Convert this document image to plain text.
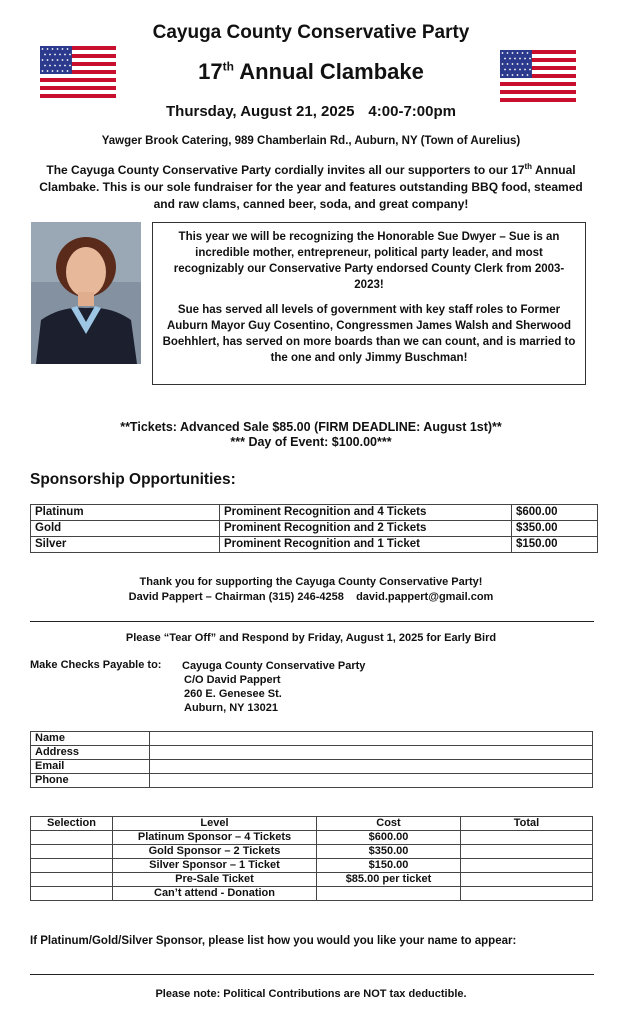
Cayuga County Conservative Party
17th Annual Clambake
Thursday, August 21, 2025 4:00-7:00pm
Yawger Brook Catering, 989 Chamberlain Rd., Auburn, NY (Town of Aurelius)
The Cayuga County Conservative Party cordially invites all our supporters to our 17th Annual Clambake. This is our sole fundraiser for the year and features outstanding BBQ food, steamed and raw clams, canned beer, soda, and great company!

This year we will be recognizing the Honorable Sue Dwyer – Sue is an incredible mother, entrepreneur, political party leader, and most recognizably our Conservative Party endorsed County Clerk from 2003-2023!

Sue has served all levels of government with key staff roles to Former Auburn Mayor Guy Cosentino, Congressmen James Walsh and Sherwood Boehhlert, has served on more boards than we can count, and is married to the one and only Jimmy Buschman!

**Tickets: Advanced Sale $85.00 (FIRM DEADLINE: August 1st)**
*** Day of Event: $100.00***
Sponsorship Opportunities:
Platinum	Prominent Recognition and 4 Tickets	$600.00
Gold	Prominent Recognition and 2 Tickets	$350.00
Silver	Prominent Recognition and 1 Ticket	$150.00
Thank you for supporting the Cayuga County Conservative Party!
David Pappert – Chairman (315) 246-4258    david.pappert@gmail.com
Please “Tear Off” and Respond by Friday, August 1, 2025 for Early Bird
Make Checks Payable to: Cayuga County Conservative Party
C/O David Pappert
260 E. Genesee St.
Auburn, NY 13021
Name	
Address	
Email	
Phone	
Selection	Level	Cost	Total
	Platinum Sponsor – 4 Tickets	$600.00	
	Gold Sponsor – 2 Tickets	$350.00	
	Silver Sponsor – 1 Ticket	$150.00	
	Pre-Sale Ticket	$85.00 per ticket	
	Can’t attend - Donation		
If Platinum/Gold/Silver Sponsor, please list how you would you like your name to appear:
Please note: Political Contributions are NOT tax deductible.
